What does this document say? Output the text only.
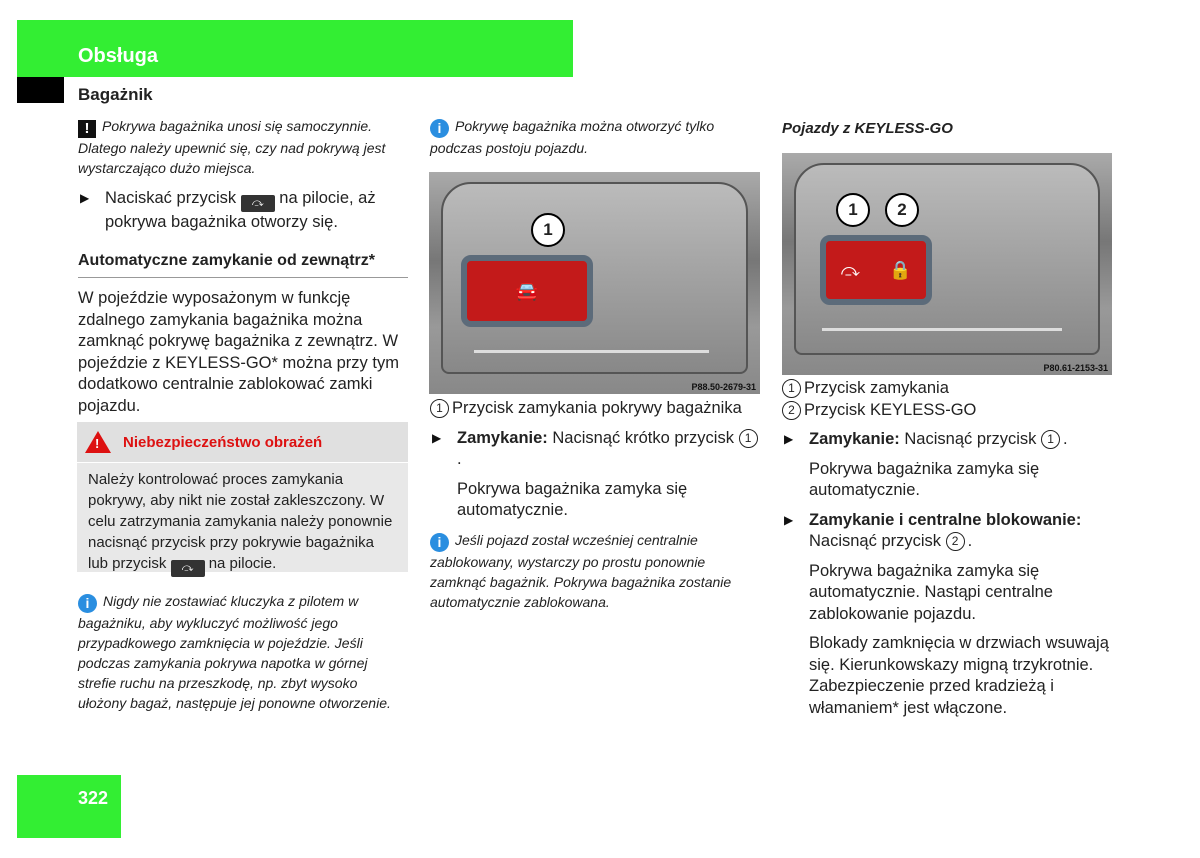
Obsługa
Bagażnik

! Pokrywa bagażnika unosi się samoczynnie. Dlatego należy upewnić się, czy nad pokrywą jest wystarczająco dużo miejsca.

▶ Naciskać przycisk ⤼ na pilocie, aż pokrywa bagażnika otworzy się.

Automatyczne zamykanie od zewnątrz*

W pojeździe wyposażonym w funkcję zdalnego zamykania bagażnika można zamknąć pokrywę bagażnika z zewnątrz. W pojeździe z KEYLESS-GO* można przy tym dodatkowo centralnie zablokować zamki pojazdu.

!
Niebezpieczeństwo obrażeń
Należy kontrolować proces zamykania pokrywy, aby nikt nie został zakleszczony. W celu zatrzymania zamykania należy ponownie nacisnąć przycisk przy pokrywie bagażnika lub przycisk ⤼ na pilocie.
i Nigdy nie zostawiać kluczyka z pilotem w bagażniku, aby wykluczyć możliwość jego przypadkowego zamknięcia w pojeździe. Jeśli podczas zamykania pokrywa napotka w górnej strefie ruchu na przeszkodę, np. zbyt wysoko ułożony bagaż, następuje jej ponowne otworzenie.
i Pokrywę bagażnika można otworzyć tylko podczas postoju pojazdu.
🚘
1
P88.50-2679-31

1 Przycisk zamykania pokrywy bagażnika

▶ Zamykanie: Nacisnąć krótko przycisk 1.

Pokrywa bagażnika zamyka się automatycznie.

i Jeśli pojazd został wcześniej centralnie zablokowany, wystarczy po prostu ponownie zamknąć bagażnik. Pokrywa bagażnika zostanie automatycznie zablokowana.

Pojazdy z KEYLESS-GO
⤼ 🔒
1	2
P80.61-2153-31

1 Przycisk zamykania

2 Przycisk KEYLESS-GO

▶ Zamykanie: Nacisnąć przycisk 1 .

Pokrywa bagażnika zamyka się automatycznie.

▶ Zamykanie i centralne blokowanie: Nacisnąć przycisk 2 .

Pokrywa bagażnika zamyka się automatycznie. Nastąpi centralne zablokowanie pojazdu.

Blokady zamknięcia w drzwiach wsuwają się. Kierunkowskazy migną trzykrotnie. Zabezpieczenie przed kradzieżą i włamaniem* jest włączone.

322
